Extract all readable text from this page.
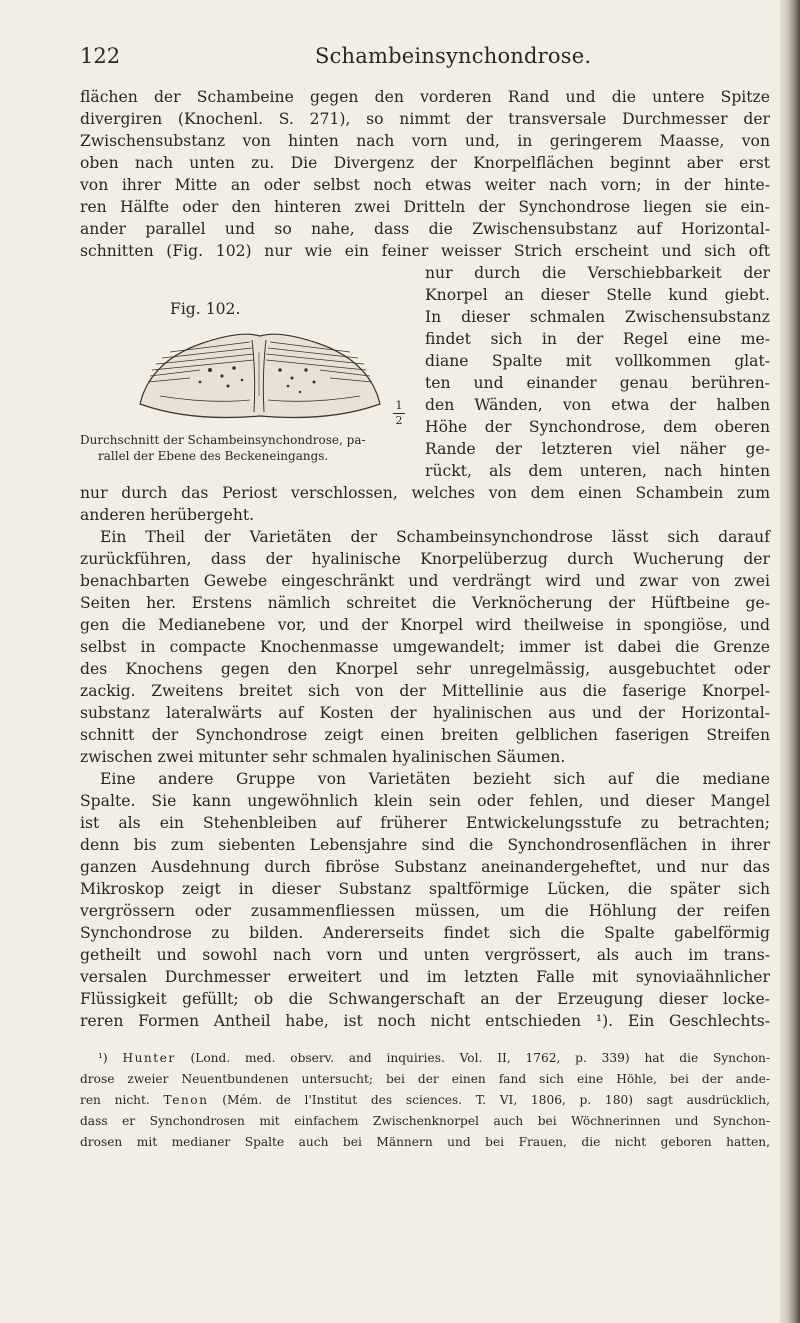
122	Schambeinsynchondrose.
flächen der Schambeine gegen den vorderen Rand und die untere Spitze
divergiren (Knochenl. S. 271), so nimmt der transversale Durchmesser der
Zwischensubstanz von hinten nach vorn und, in geringerem Maasse, von
oben nach unten zu. Die Divergenz der Knorpelflächen beginnt aber erst
von ihrer Mitte an oder selbst noch etwas weiter nach vorn; in der hinte-
ren Hälfte oder den hinteren zwei Dritteln der Synchondrose liegen sie ein-
ander parallel und so nahe, dass die Zwischensubstanz auf Horizontal-
schnitten (Fig. 102) nur wie ein feiner weisser Strich erscheint und sich oft
Fig. 102.
1
2
Durchschnitt der Schambeinsynchondrose, pa-
rallel der Ebene des Beckeneingangs.
nur durch die Verschiebbarkeit der
Knorpel an dieser Stelle kund giebt.
In dieser schmalen Zwischensubstanz
findet sich in der Regel eine me-
diane Spalte mit vollkommen glat-
ten und einander genau berühren-
den Wänden, von etwa der halben
Höhe der Synchondrose, dem oberen
Rande der letzteren viel näher ge-
rückt, als dem unteren, nach hinten
nur durch das Periost verschlossen, welches von dem einen Schambein zum
anderen herübergeht.
Ein Theil der Varietäten der Schambeinsynchondrose lässt sich darauf
zurückführen, dass der hyalinische Knorpelüberzug durch Wucherung der
benachbarten Gewebe eingeschränkt und verdrängt wird und zwar von zwei
Seiten her. Erstens nämlich schreitet die Verknöcherung der Hüftbeine ge-
gen die Medianebene vor, und der Knorpel wird theilweise in spongiöse, und
selbst in compacte Knochenmasse umgewandelt; immer ist dabei die Grenze
des Knochens gegen den Knorpel sehr unregelmässig, ausgebuchtet oder
zackig. Zweitens breitet sich von der Mittellinie aus die faserige Knorpel-
substanz lateralwärts auf Kosten der hyalinischen aus und der Horizontal-
schnitt der Synchondrose zeigt einen breiten gelblichen faserigen Streifen
zwischen zwei mitunter sehr schmalen hyalinischen Säumen.
Eine andere Gruppe von Varietäten bezieht sich auf die mediane
Spalte. Sie kann ungewöhnlich klein sein oder fehlen, und dieser Mangel
ist als ein Stehenbleiben auf früherer Entwickelungsstufe zu betrachten;
denn bis zum siebenten Lebensjahre sind die Synchondrosenflächen in ihrer
ganzen Ausdehnung durch fibröse Substanz aneinandergeheftet, und nur das
Mikroskop zeigt in dieser Substanz spaltförmige Lücken, die später sich
vergrössern oder zusammenfliessen müssen, um die Höhlung der reifen
Synchondrose zu bilden. Andererseits findet sich die Spalte gabelförmig
getheilt und sowohl nach vorn und unten vergrössert, als auch im trans-
versalen Durchmesser erweitert und im letzten Falle mit synoviaähnlicher
Flüssigkeit gefüllt; ob die Schwangerschaft an der Erzeugung dieser locke-
reren Formen Antheil habe, ist noch nicht entschieden ¹). Ein Geschlechts-
¹) Hunter (Lond. med. observ. and inquiries. Vol. II, 1762, p. 339) hat die Synchon-
drose zweier Neuentbundenen untersucht; bei der einen fand sich eine Höhle, bei der ande-
ren nicht. Tenon (Mém. de l'Institut des sciences. T. VI, 1806, p. 180) sagt ausdrücklich,
dass er Synchondrosen mit einfachem Zwischenknorpel auch bei Wöchnerinnen und Synchon-
drosen mit medianer Spalte auch bei Männern und bei Frauen, die nicht geboren hatten,
